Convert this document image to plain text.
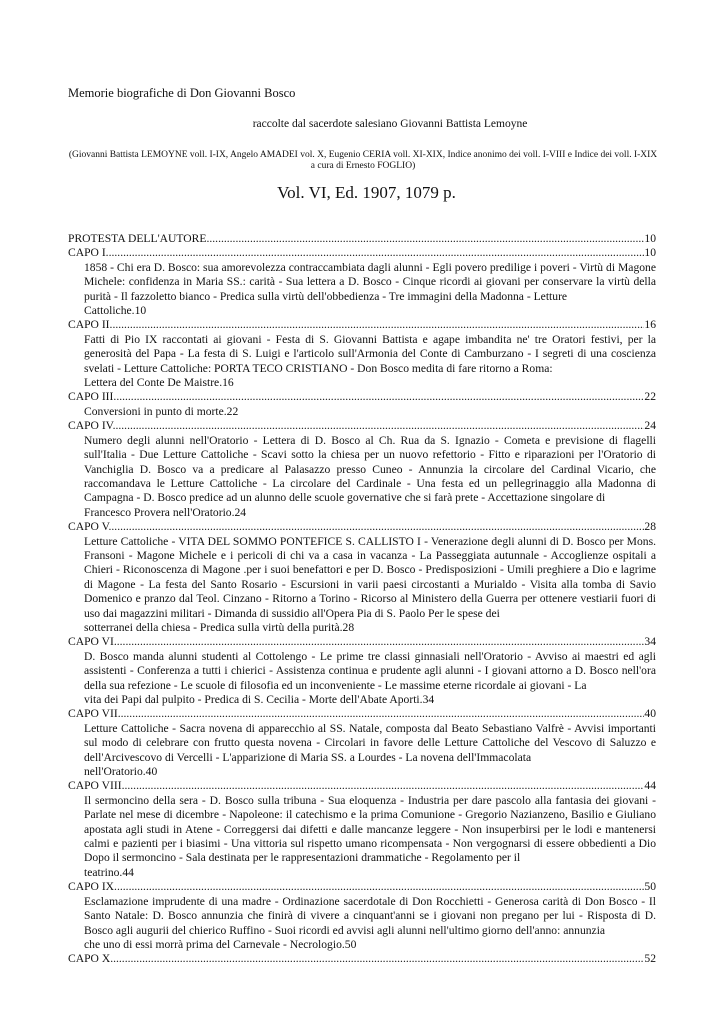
Memorie biografiche di Don Giovanni Bosco
raccolte dal sacerdote salesiano Giovanni Battista Lemoyne
(Giovanni Battista LEMOYNE voll. I-IX, Angelo AMADEI vol. X, Eugenio CERIA voll. XI-XIX, Indice anonimo dei voll. I-VIII e Indice dei voll. I-XIX a cura di Ernesto FOGLIO)
Vol. VI, Ed. 1907, 1079 p.
PROTESTA DELL'AUTORE .....	10
CAPO I. .....	10
1858 - Chi era D. Bosco: sua amorevolezza contraccambiata dagli alunni - Egli povero predilige i poveri - Virtù di Magone Michele: confidenza in Maria SS.: carità - Sua lettera a D. Bosco - Cinque ricordi ai giovani per conservare la virtù della purità - Il fazzoletto bianco - Predica sulla virtù dell'obbedienza - Tre immagini della Madonna - Letture
Cattoliche. 10
CAPO II. .....	16
Fatti di Pio IX raccontati ai giovani - Festa di S. Giovanni Battista e agape imbandita ne' tre Oratori festivi, per la generosità del Papa - La festa di S. Luigi e l'articolo sull'Armonia del Conte di Camburzano - I segreti di una coscienza svelati - Letture Cattoliche: PORTA TECO CRISTIANO - Don Bosco medita di fare ritorno a Roma:
Lettera del Conte De Maistre. 16
CAPO III. .....	22
Conversioni in punto di morte. 22
CAPO IV. .....	24
Numero degli alunni nell'Oratorio - Lettera di D. Bosco al Ch. Rua da S. Ignazio - Cometa e previsione di flagelli sull'Italia - Due Letture Cattoliche - Scavi sotto la chiesa per un nuovo refettorio - Fitto e riparazioni per l'Oratorio di Vanchiglia D. Bosco va a predicare al Palasazzo presso Cuneo - Annunzia la circolare del Cardinal Vicario, che raccomandava le Letture Cattoliche - La circolare del Cardinale - Una festa ed un pellegrinaggio alla Madonna di Campagna - D. Bosco predice ad un alunno delle scuole governative che si farà prete - Accettazione singolare di
Francesco Provera nell'Oratorio. 24
CAPO V. .....	28
Letture Cattoliche - VITA DEL SOMMO PONTEFICE S. CALLISTO I - Venerazione degli alunni di D. Bosco per Mons. Fransoni - Magone Michele e i pericoli di chi va a casa in vacanza - La Passeggiata autunnale - Accoglienze ospitali a Chieri - Riconoscenza di Magone .per i suoi benefattori e per D. Bosco - Predisposizioni - Umili preghiere a Dio e lagrime di Magone - La festa del Santo Rosario - Escursioni in varii paesi circostanti a Murialdo - Visita alla tomba di Savio Domenico e pranzo dal Teol. Cinzano - Ritorno a Torino - Ricorso al Ministero della Guerra per ottenere vestiarii fuori di uso dai magazzini militari - Dimanda di sussidio all'Opera Pia di S. Paolo Per le spese dei
sotterranei della chiesa - Predica sulla virtù della purità. 28
CAPO VI. .....	34
D. Bosco manda alunni studenti al Cottolengo - Le prime tre classi ginnasiali nell'Oratorio - Avviso ai maestri ed agli assistenti - Conferenza a tutti i chierici - Assistenza continua e prudente agli alunni - I giovani attorno a D. Bosco nell'ora della sua refezione - Le scuole di filosofia ed un inconveniente - Le massime eterne ricordale ai giovani - La
vita dei Papi dal pulpito - Predica di S. Cecilia - Morte dell'Abate Aporti. 34
CAPO VII. .....	40
Letture Cattoliche - Sacra novena di apparecchio al SS. Natale, composta dal Beato Sebastiano Valfrè - Avvisi importanti sul modo di celebrare con frutto questa novena - Circolari in favore delle Letture Cattoliche del Vescovo di Saluzzo e dell'Arcivescovo di Vercelli - L'apparizione di Maria SS. a Lourdes - La novena dell'Immacolata
nell'Oratorio. 40
CAPO VIII. .....	44
Il sermoncino della sera - D. Bosco sulla tribuna - Sua eloquenza - Industria per dare pascolo alla fantasia dei giovani - Parlate nel mese di dicembre - Napoleone: il catechismo e la prima Comunione - Gregorio Nazianzeno, Basilio e Giuliano apostata agli studi in Atene - Correggersi dai difetti e dalle mancanze leggere - Non insuperbirsi per le lodi e mantenersi calmi e pazienti per i biasimi - Una vittoria sul rispetto umano ricompensata - Non vergognarsi di essere obbedienti a Dio Dopo il sermoncino - Sala destinata per le rappresentazioni drammatiche - Regolamento per il
teatrino. 44
CAPO IX. .....	50
Esclamazione imprudente di una madre - Ordinazione sacerdotale di Don Rocchietti - Generosa carità di Don Bosco - Il Santo Natale: D. Bosco annunzia che finirà di vivere a cinquant'anni se i giovani non pregano per lui - Risposta di D. Bosco agli augurii del chierico Ruffino - Suoi ricordi ed avvisi agli alunni nell'ultimo giorno dell'anno: annunzia
che uno di essi morrà prima del Carnevale - Necrologio. 50
CAPO X. .....	52
